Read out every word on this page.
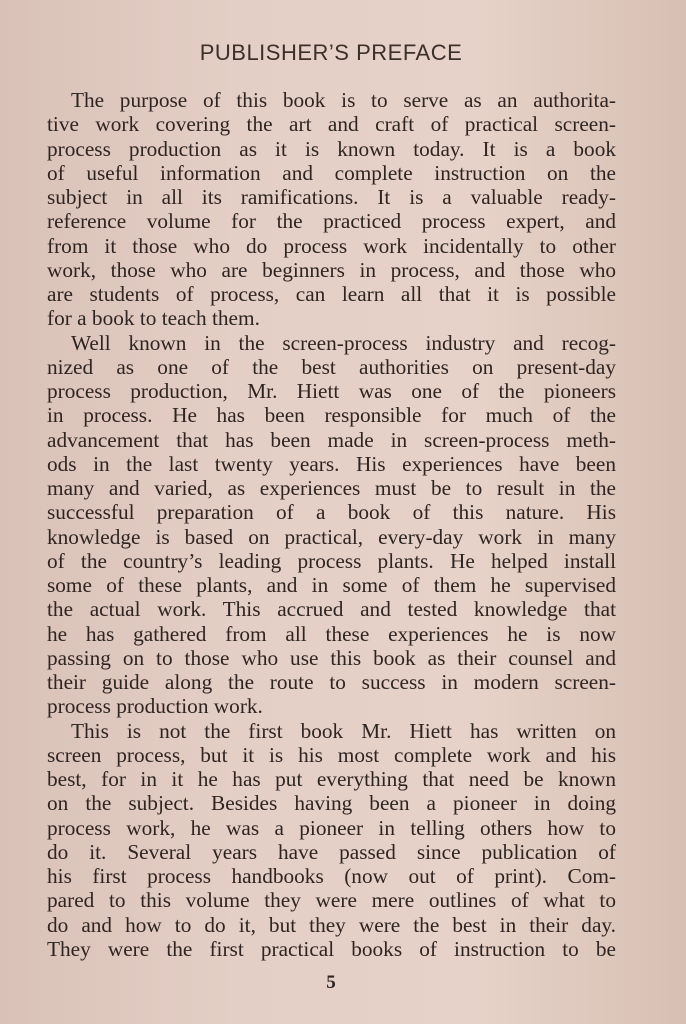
PUBLISHER’S PREFACE
The purpose of this book is to serve as an authorita-
tive work covering the art and craft of practical screen-
process production as it is known today. It is a book
of useful information and complete instruction on the
subject in all its ramifications. It is a valuable ready-
reference volume for the practiced process expert, and
from it those who do process work incidentally to other
work, those who are beginners in process, and those who
are students of process, can learn all that it is possible
for a book to teach them.
Well known in the screen-process industry and recog-
nized as one of the best authorities on present-day
process production, Mr. Hiett was one of the pioneers
in process. He has been responsible for much of the
advancement that has been made in screen-process meth-
ods in the last twenty years. His experiences have been
many and varied, as experiences must be to result in the
successful preparation of a book of this nature. His
knowledge is based on practical, every-day work in many
of the country’s leading process plants. He helped install
some of these plants, and in some of them he supervised
the actual work. This accrued and tested knowledge that
he has gathered from all these experiences he is now
passing on to those who use this book as their counsel and
their guide along the route to success in modern screen-
process production work.
This is not the first book Mr. Hiett has written on
screen process, but it is his most complete work and his
best, for in it he has put everything that need be known
on the subject. Besides having been a pioneer in doing
process work, he was a pioneer in telling others how to
do it. Several years have passed since publication of
his first process handbooks (now out of print). Com-
pared to this volume they were mere outlines of what to
do and how to do it, but they were the best in their day.
They were the first practical books of instruction to be
5
